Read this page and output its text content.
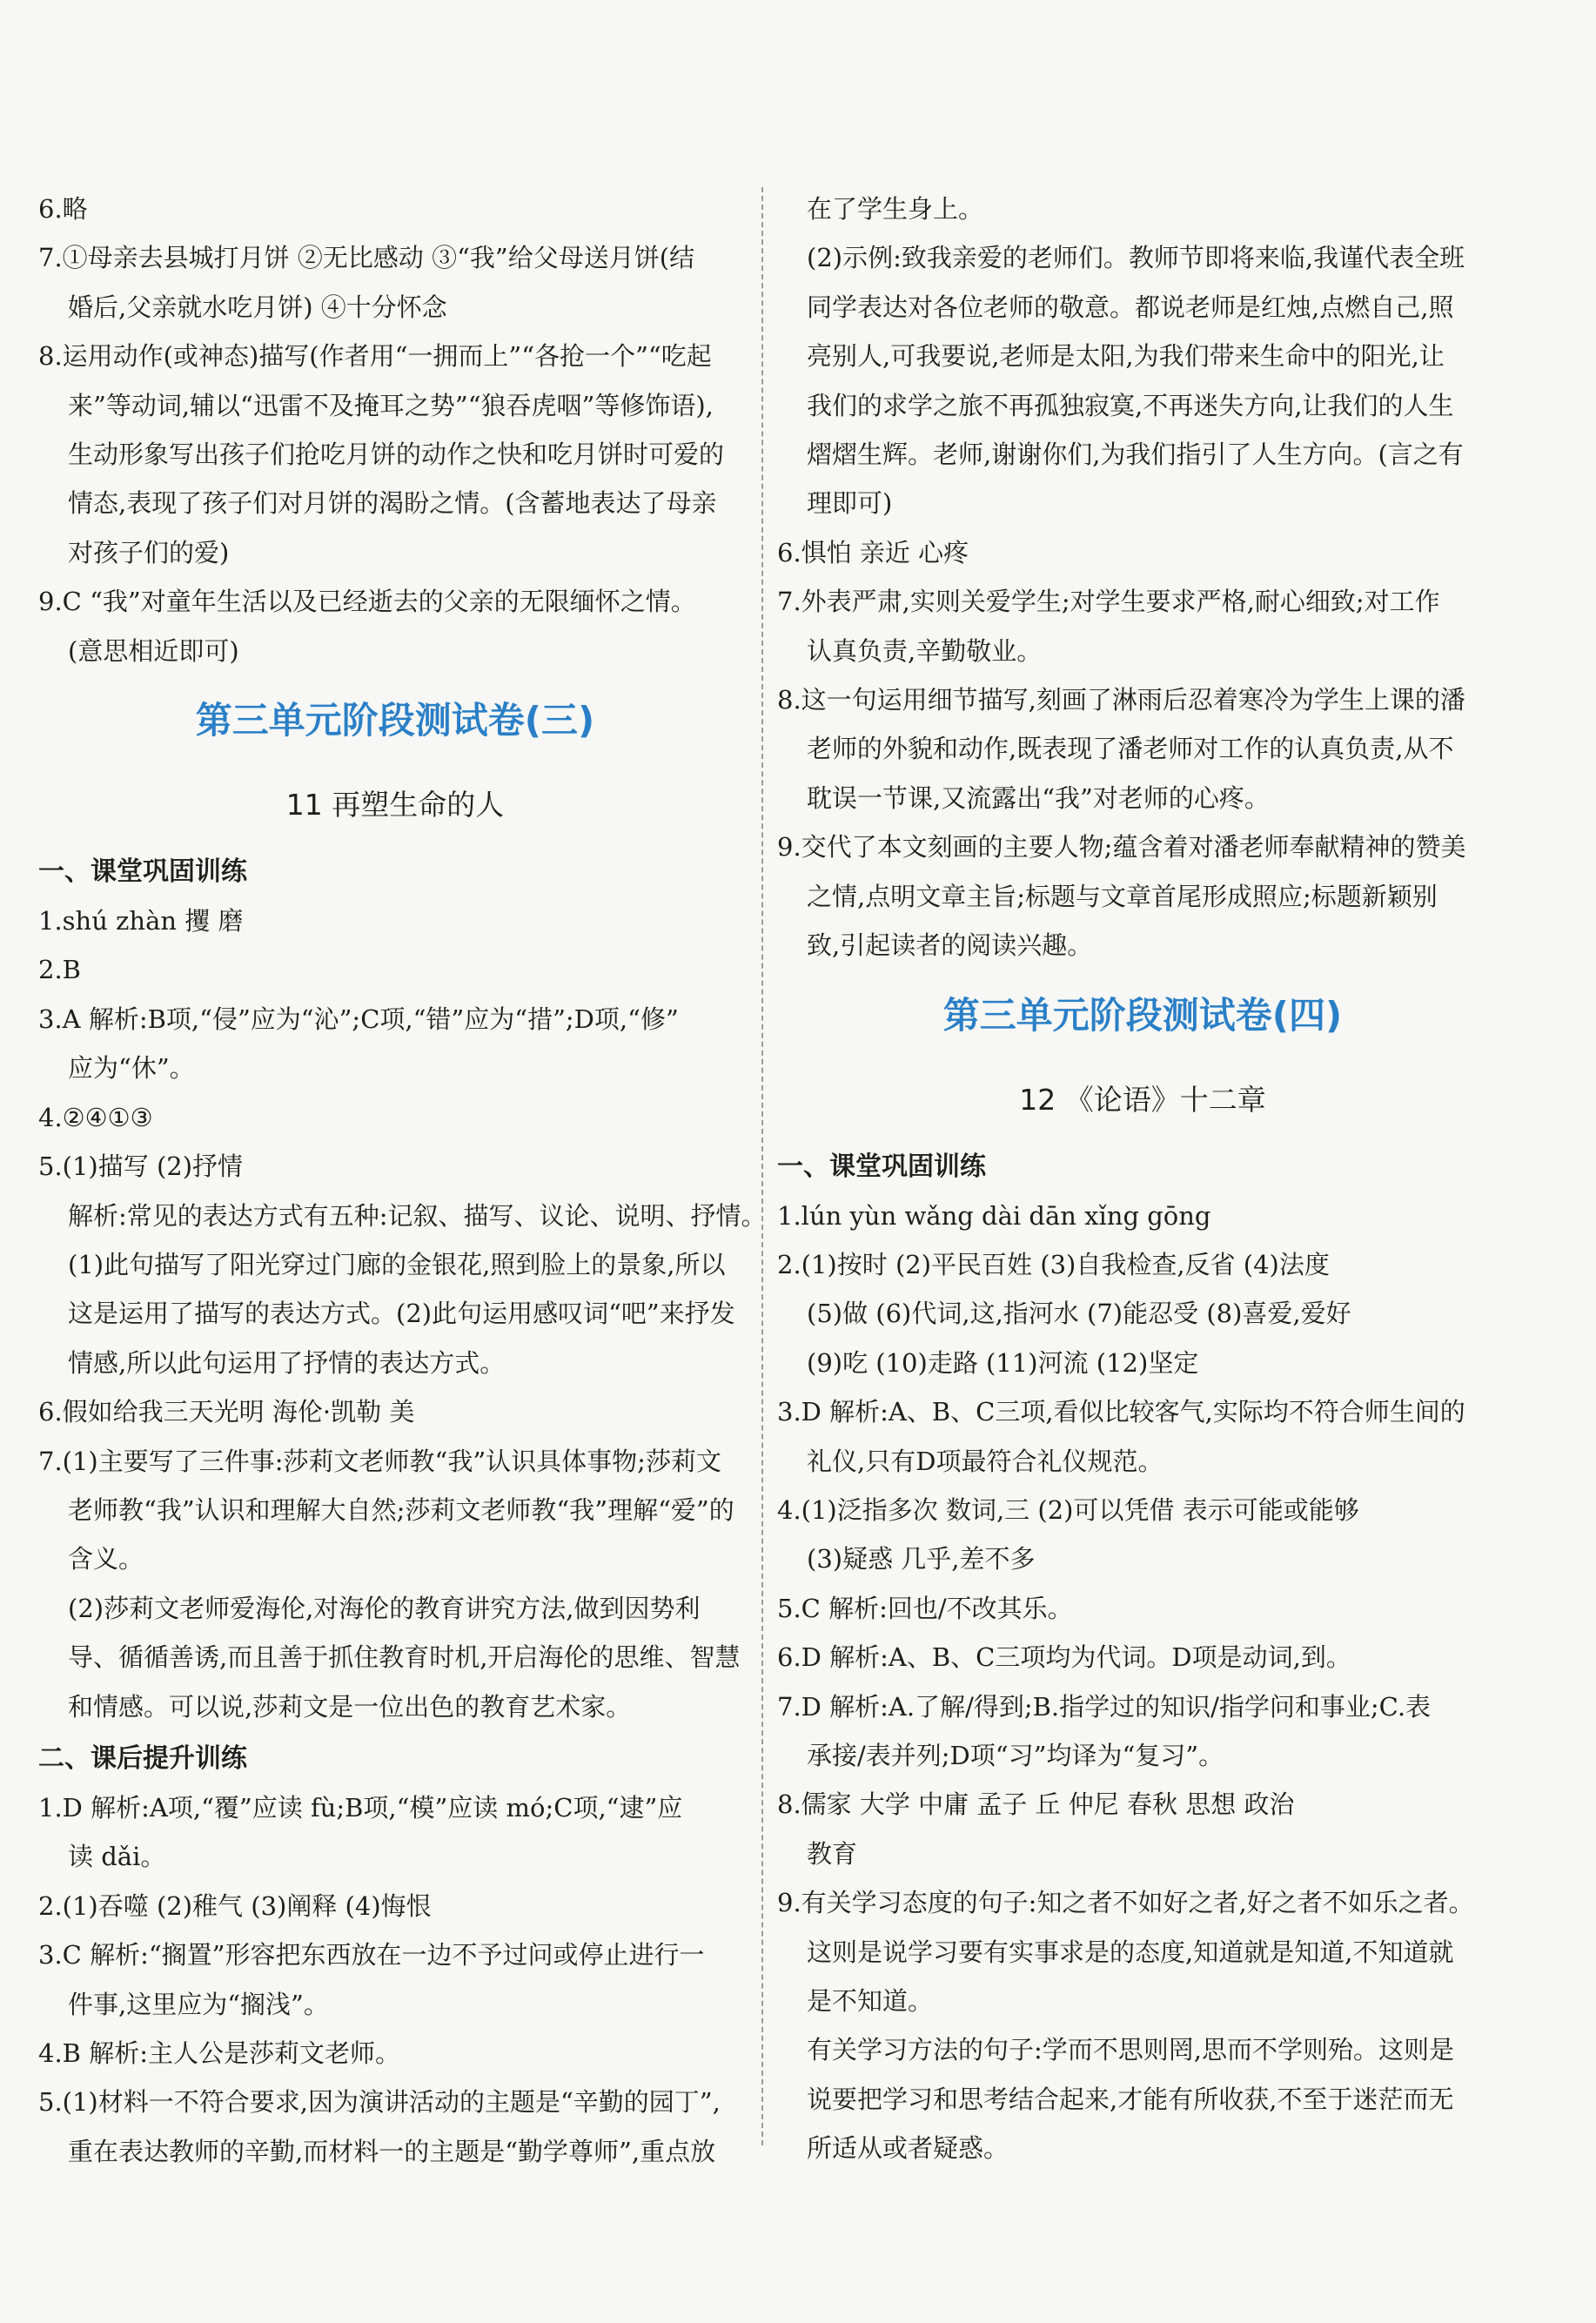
6.略
7.①母亲去县城打月饼 ②无比感动 ③“我”给父母送月饼(结
婚后,父亲就水吃月饼) ④十分怀念
8.运用动作(或神态)描写(作者用“一拥而上”“各抢一个”“吃起
来”等动词,辅以“迅雷不及掩耳之势”“狼吞虎咽”等修饰语),
生动形象写出孩子们抢吃月饼的动作之快和吃月饼时可爱的
情态,表现了孩子们对月饼的渴盼之情。(含蓄地表达了母亲
对孩子们的爱)
9.C “我”对童年生活以及已经逝去的父亲的无限缅怀之情。
(意思相近即可)
第三单元阶段测试卷(三)
11 再塑生命的人
一、课堂巩固训练
1.shú zhàn 攫 磨
2.B
3.A 解析:B项,“侵”应为“沁”;C项,“错”应为“措”;D项,“修”
应为“休”。
4.②④①③
5.(1)描写 (2)抒情
解析:常见的表达方式有五种:记叙、描写、议论、说明、抒情。
(1)此句描写了阳光穿过门廊的金银花,照到脸上的景象,所以
这是运用了描写的表达方式。(2)此句运用感叹词“吧”来抒发
情感,所以此句运用了抒情的表达方式。
6.假如给我三天光明 海伦·凯勒 美
7.(1)主要写了三件事:莎莉文老师教“我”认识具体事物;莎莉文
老师教“我”认识和理解大自然;莎莉文老师教“我”理解“爱”的
含义。
(2)莎莉文老师爱海伦,对海伦的教育讲究方法,做到因势利
导、循循善诱,而且善于抓住教育时机,开启海伦的思维、智慧
和情感。可以说,莎莉文是一位出色的教育艺术家。
二、课后提升训练
1.D 解析:A项,“覆”应读 fù;B项,“模”应读 mó;C项,“逮”应
读 dǎi。
2.(1)吞噬 (2)稚气 (3)阐释 (4)悔恨
3.C 解析:“搁置”形容把东西放在一边不予过问或停止进行一
件事,这里应为“搁浅”。
4.B 解析:主人公是莎莉文老师。
5.(1)材料一不符合要求,因为演讲活动的主题是“辛勤的园丁”,
重在表达教师的辛勤,而材料一的主题是“勤学尊师”,重点放
在了学生身上。
(2)示例:致我亲爱的老师们。教师节即将来临,我谨代表全班
同学表达对各位老师的敬意。都说老师是红烛,点燃自己,照
亮别人,可我要说,老师是太阳,为我们带来生命中的阳光,让
我们的求学之旅不再孤独寂寞,不再迷失方向,让我们的人生
熠熠生辉。老师,谢谢你们,为我们指引了人生方向。(言之有
理即可)
6.惧怕 亲近 心疼
7.外表严肃,实则关爱学生;对学生要求严格,耐心细致;对工作
认真负责,辛勤敬业。
8.这一句运用细节描写,刻画了淋雨后忍着寒冷为学生上课的潘
老师的外貌和动作,既表现了潘老师对工作的认真负责,从不
耽误一节课,又流露出“我”对老师的心疼。
9.交代了本文刻画的主要人物;蕴含着对潘老师奉献精神的赞美
之情,点明文章主旨;标题与文章首尾形成照应;标题新颖别
致,引起读者的阅读兴趣。
第三单元阶段测试卷(四)
12 《论语》十二章
一、课堂巩固训练
1.lún yùn wǎng dài dān xǐng gōng
2.(1)按时 (2)平民百姓 (3)自我检查,反省 (4)法度
(5)做 (6)代词,这,指河水 (7)能忍受 (8)喜爱,爱好
(9)吃 (10)走路 (11)河流 (12)坚定
3.D 解析:A、B、C三项,看似比较客气,实际均不符合师生间的
礼仪,只有D项最符合礼仪规范。
4.(1)泛指多次 数词,三 (2)可以凭借 表示可能或能够
(3)疑惑 几乎,差不多
5.C 解析:回也/不改其乐。
6.D 解析:A、B、C三项均为代词。D项是动词,到。
7.D 解析:A.了解/得到;B.指学过的知识/指学问和事业;C.表
承接/表并列;D项“习”均译为“复习”。
8.儒家 大学 中庸 孟子 丘 仲尼 春秋 思想 政治
教育
9.有关学习态度的句子:知之者不如好之者,好之者不如乐之者。
这则是说学习要有实事求是的态度,知道就是知道,不知道就
是不知道。
有关学习方法的句子:学而不思则罔,思而不学则殆。这则是
说要把学习和思考结合起来,才能有所收获,不至于迷茫而无
所适从或者疑惑。
